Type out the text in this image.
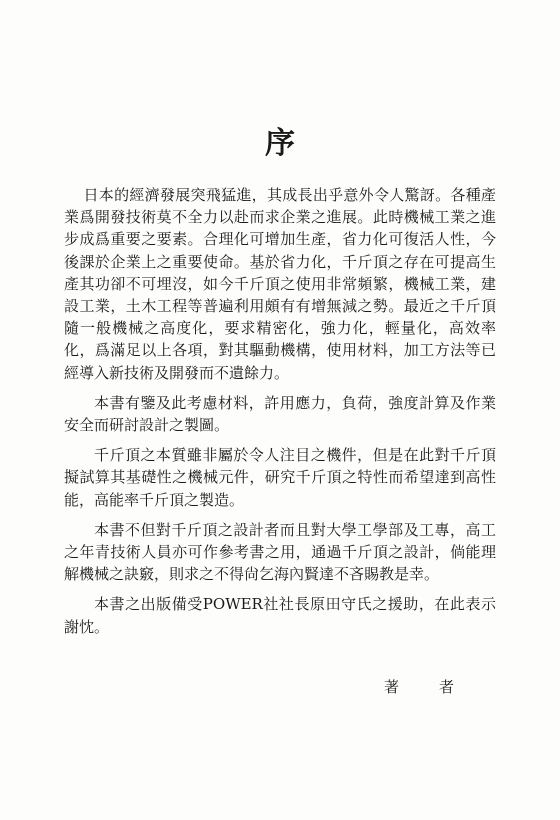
序

日本的經濟發展突飛猛進，其成長出乎意外令人驚訝。各種產業爲開發技術莫不全力以赴而求企業之進展。此時機械工業之進步成爲重要之要素。合理化可增加生產，省力化可復活人性，今後課於企業上之重要使命。基於省力化，千斤頂之存在可提高生產其功卻不可埋沒，如今千斤頂之使用非常頻繁，機械工業，建設工業，土木工程等普遍利用頗有有增無減之勢。最近之千斤頂隨一般機械之高度化，要求精密化，強力化，輕量化，高效率化，爲滿足以上各項，對其驅動機構，使用材料，加工方法等已經導入新技術及開發而不遺餘力。

本書有鑒及此考慮材料，許用應力，負荷，強度計算及作業安全而研討設計之製圖。

千斤頂之本質雖非屬於令人注目之機件，但是在此對千斤頂擬試算其基礎性之機械元件，研究千斤頂之特性而希望達到高性能，高能率千斤頂之製造。

本書不但對千斤頂之設計者而且對大學工學部及工專，高工之年青技術人員亦可作參考書之用，通過千斤頂之設計，倘能理解機械之訣竅，則求之不得尙乞海內賢達不吝賜教是幸。

本書之出版備受POWER社社長原田守氏之援助，在此表示謝忱。

著	者
